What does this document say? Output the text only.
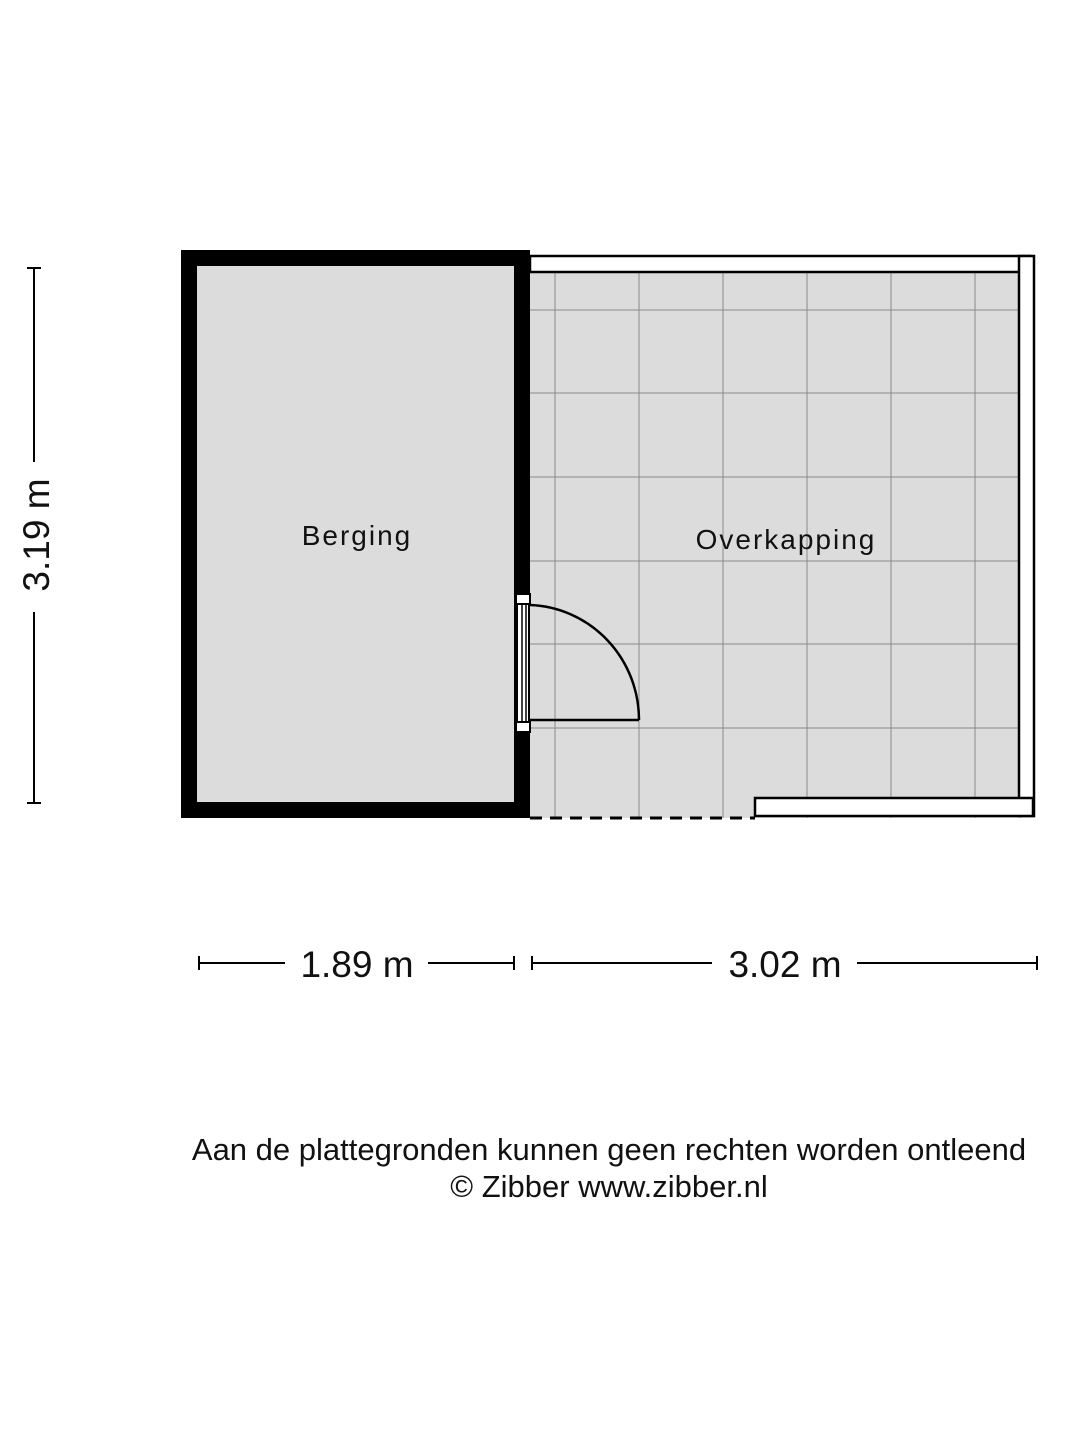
Berging	Overkapping
3.19 m
1.89 m	3.02 m
Aan de plattegronden kunnen geen rechten worden ontleend
© Zibber www.zibber.nl
